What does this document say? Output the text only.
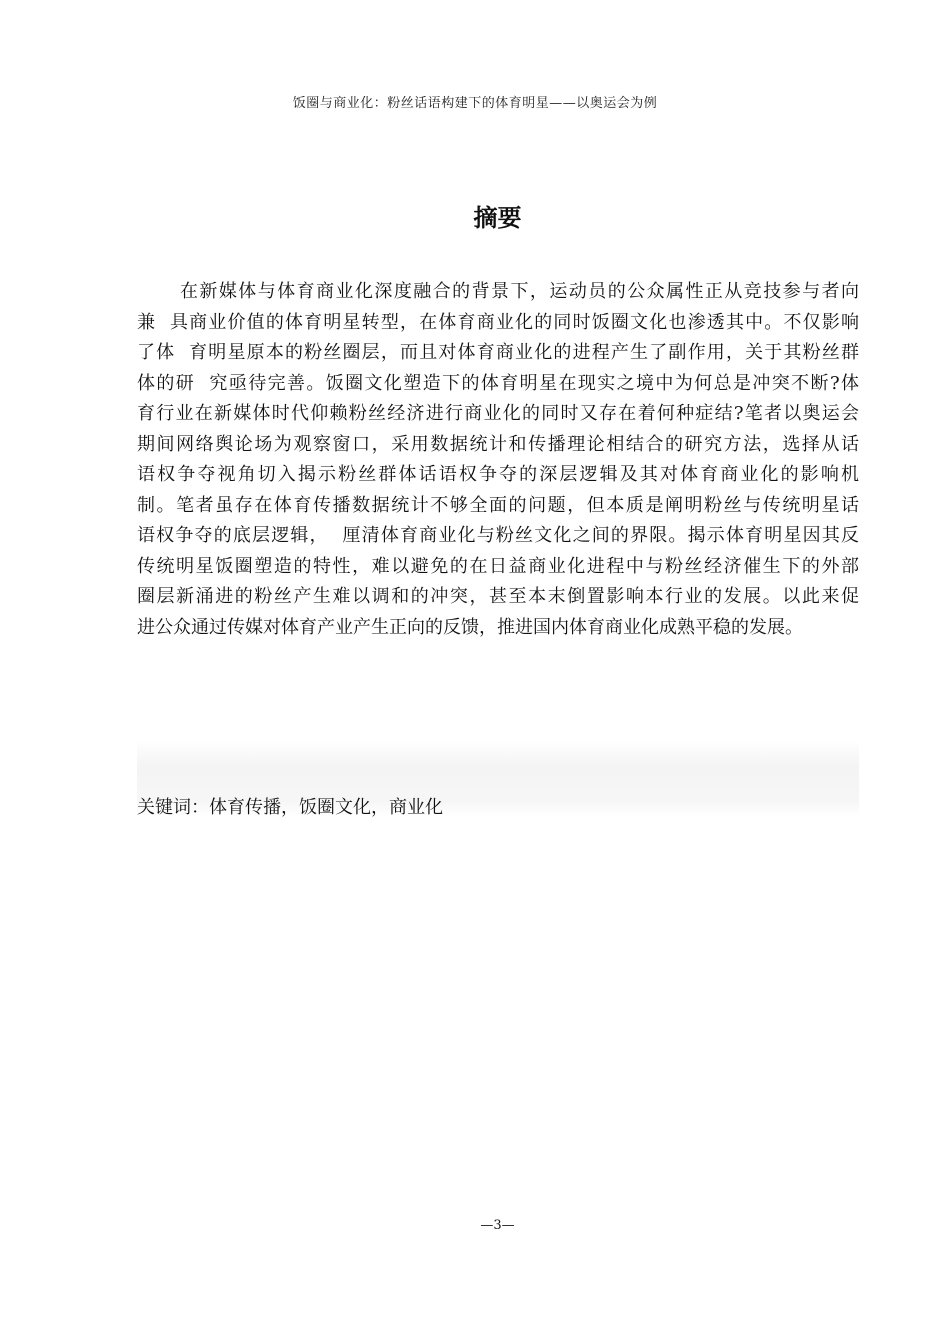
饭圈与商业化：粉丝话语构建下的体育明星——以奥运会为例
摘要
在新媒体与体育商业化深度融合的背景下，运动员的公众属性正从竞技参与者向
兼  具商业价值的体育明星转型，在体育商业化的同时饭圈文化也渗透其中。不仅影响
了体  育明星原本的粉丝圈层，而且对体育商业化的进程产生了副作用，关于其粉丝群
体的研  究亟待完善。饭圈文化塑造下的体育明星在现实之境中为何总是冲突不断?体
育行业在新媒体时代仰赖粉丝经济进行商业化的同时又存在着何种症结?笔者以奥运会
期间网络舆论场为观察窗口，采用数据统计和传播理论相结合的研究方法，选择从话
语权争夺视角切入揭示粉丝群体话语权争夺的深层逻辑及其对体育商业化的影响机
制。笔者虽存在体育传播数据统计不够全面的问题，但本质是阐明粉丝与传统明星话
语权争夺的底层逻辑，  厘清体育商业化与粉丝文化之间的界限。揭示体育明星因其反
传统明星饭圈塑造的特性，难以避免的在日益商业化进程中与粉丝经济催生下的外部
圈层新涌进的粉丝产生难以调和的冲突，甚至本末倒置影响本行业的发展。以此来促
进公众通过传媒对体育产业产生正向的反馈，推进国内体育商业化成熟平稳的发展。
关键词：体育传播，饭圈文化，商业化
—3—
